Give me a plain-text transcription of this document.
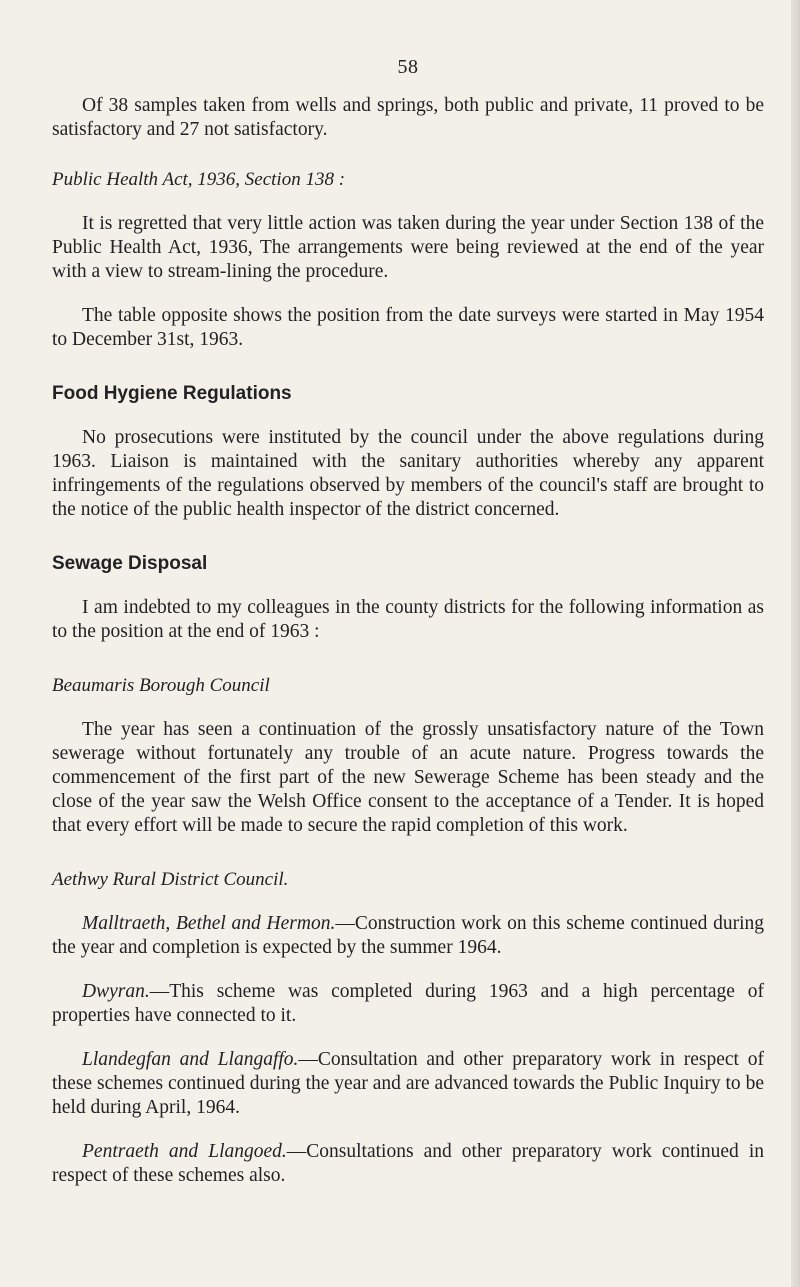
58

Of 38 samples taken from wells and springs, both public and private, 11 proved to be satisfactory and 27 not satisfactory.

Public Health Act, 1936, Section 138 :

It is regretted that very little action was taken during the year under Section 138 of the Public Health Act, 1936, The arrangements were being reviewed at the end of the year with a view to stream-lining the procedure.

The table opposite shows the position from the date surveys were started in May 1954 to December 31st, 1963.

Food Hygiene Regulations

No prosecutions were instituted by the council under the above regulations during 1963. Liaison is maintained with the sanitary authorities whereby any apparent infringements of the regulations observed by members of the council's staff are brought to the notice of the public health inspector of the district concerned.

Sewage Disposal

I am indebted to my colleagues in the county districts for the following information as to the position at the end of 1963 :

Beaumaris Borough Council

The year has seen a continuation of the grossly unsatisfactory nature of the Town sewerage without fortunately any trouble of an acute nature. Progress towards the commencement of the first part of the new Sewerage Scheme has been steady and the close of the year saw the Welsh Office consent to the acceptance of a Tender. It is hoped that every effort will be made to secure the rapid completion of this work.

Aethwy Rural District Council.

Malltraeth, Bethel and Hermon.—Construction work on this scheme continued during the year and completion is expected by the summer 1964.

Dwyran.—This scheme was completed during 1963 and a high percentage of properties have connected to it.

Llandegfan and Llangaffo.—Consultation and other preparatory work in respect of these schemes continued during the year and are advanced towards the Public Inquiry to be held during April, 1964.

Pentraeth and Llangoed.—Consultations and other preparatory work continued in respect of these schemes also.
